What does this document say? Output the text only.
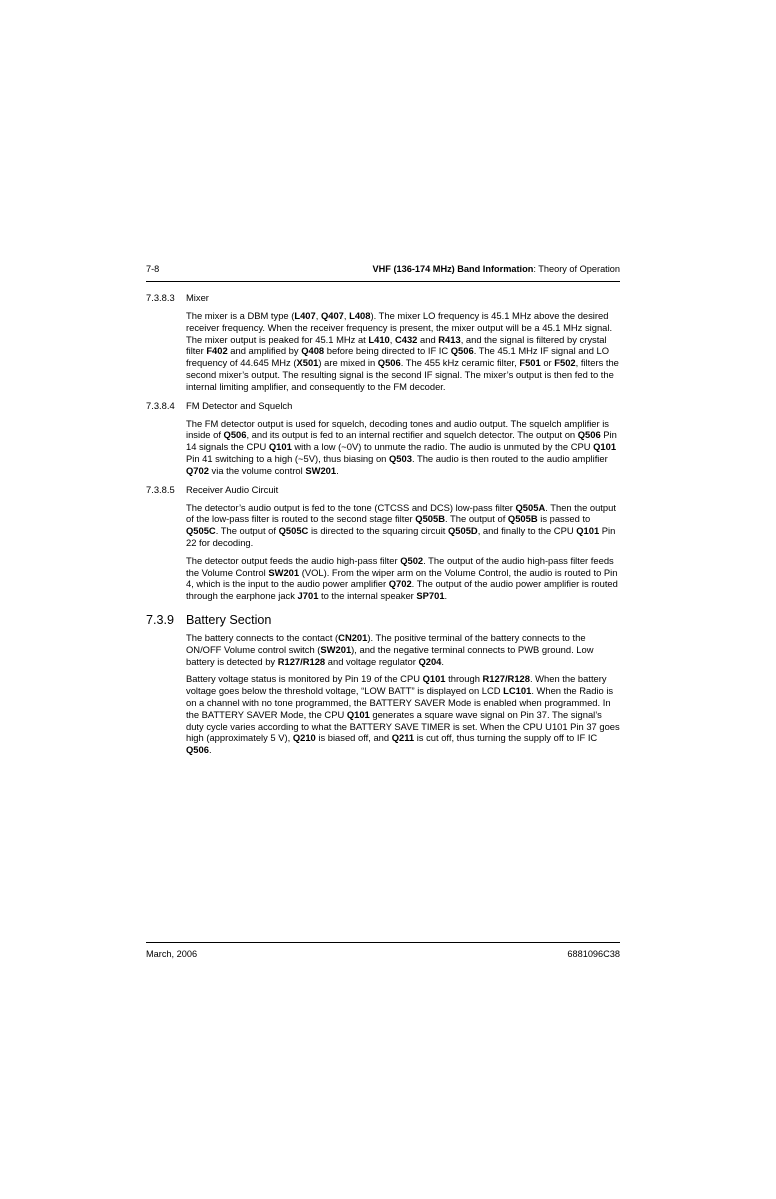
7-8	VHF (136-174 MHz) Band Information: Theory of Operation
7.3.8.3 Mixer
The mixer is a DBM type (L407, Q407, L408). The mixer LO frequency is 45.1 MHz above the desired receiver frequency. When the receiver frequency is present, the mixer output will be a 45.1 MHz signal. The mixer output is peaked for 45.1 MHz at L410, C432 and R413, and the signal is filtered by crystal filter F402 and amplified by Q408 before being directed to IF IC Q506. The 45.1 MHz IF signal and LO frequency of 44.645 MHz (X501) are mixed in Q506. The 455 kHz ceramic filter, F501 or F502, filters the second mixer’s output. The resulting signal is the second IF signal. The mixer’s output is then fed to the internal limiting amplifier, and consequently to the FM decoder.
7.3.8.4 FM Detector and Squelch
The FM detector output is used for squelch, decoding tones and audio output. The squelch amplifier is inside of Q506, and its output is fed to an internal rectifier and squelch detector. The output on Q506 Pin 14 signals the CPU Q101 with a low (~0V) to unmute the radio. The audio is unmuted by the CPU Q101 Pin 41 switching to a high (~5V), thus biasing on Q503. The audio is then routed to the audio amplifier Q702 via the volume control SW201.
7.3.8.5 Receiver Audio Circuit
The detector’s audio output is fed to the tone (CTCSS and DCS) low-pass filter Q505A. Then the output of the low-pass filter is routed to the second stage filter Q505B. The output of Q505B is passed to Q505C. The output of Q505C is directed to the squaring circuit Q505D, and finally to the CPU Q101 Pin 22 for decoding.
The detector output feeds the audio high-pass filter Q502. The output of the audio high-pass filter feeds the Volume Control SW201 (VOL). From the wiper arm on the Volume Control, the audio is routed to Pin 4, which is the input to the audio power amplifier Q702. The output of the audio power amplifier is routed through the earphone jack J701 to the internal speaker SP701.
7.3.9 Battery Section
The battery connects to the contact (CN201). The positive terminal of the battery connects to the ON/OFF Volume control switch (SW201), and the negative terminal connects to PWB ground. Low battery is detected by R127/R128 and voltage regulator Q204.
Battery voltage status is monitored by Pin 19 of the CPU Q101 through R127/R128. When the battery voltage goes below the threshold voltage, “LOW BATT” is displayed on LCD LC101. When the Radio is on a channel with no tone programmed, the BATTERY SAVER Mode is enabled when programmed. In the BATTERY SAVER Mode, the CPU Q101 generates a square wave signal on Pin 37. The signal’s duty cycle varies according to what the BATTERY SAVE TIMER is set. When the CPU U101 Pin 37 goes high (approximately 5 V), Q210 is biased off, and Q211 is cut off, thus turning the supply off to IF IC Q506.
March, 2006	6881096C38
